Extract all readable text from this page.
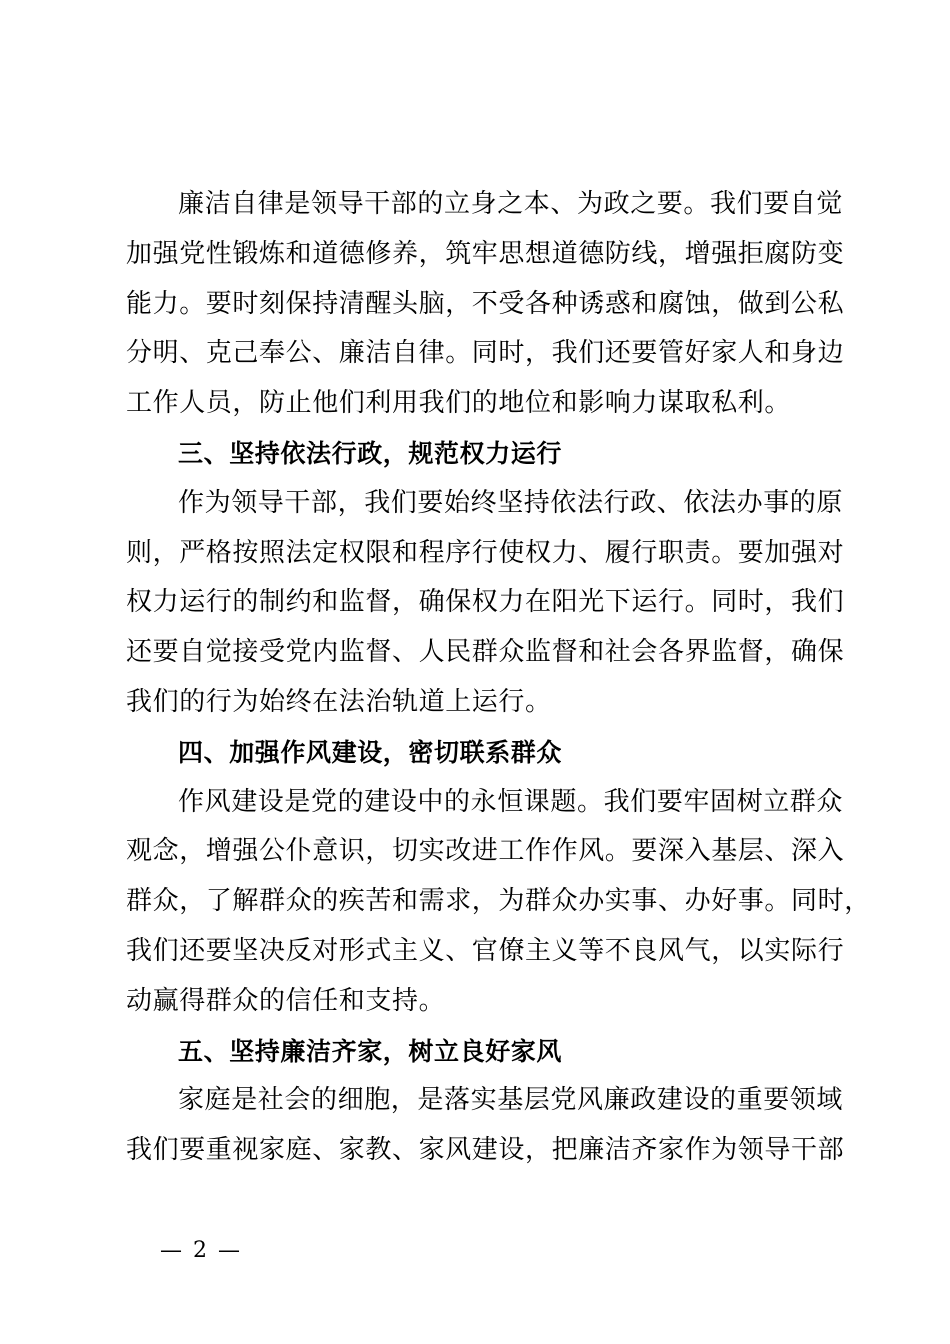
廉洁自律是领导干部的立身之本、为政之要。我们要自觉
加强党性锻炼和道德修养，筑牢思想道德防线，增强拒腐防变
能力。要时刻保持清醒头脑，不受各种诱惑和腐蚀，做到公私
分明、克己奉公、廉洁自律。同时，我们还要管好家人和身边
工作人员，防止他们利用我们的地位和影响力谋取私利。
三、坚持依法行政，规范权力运行
作为领导干部，我们要始终坚持依法行政、依法办事的原
则，严格按照法定权限和程序行使权力、履行职责。要加强对
权力运行的制约和监督，确保权力在阳光下运行。同时，我们
还要自觉接受党内监督、人民群众监督和社会各界监督，确保
我们的行为始终在法治轨道上运行。
四、加强作风建设，密切联系群众
作风建设是党的建设中的永恒课题。我们要牢固树立群众
观念，增强公仆意识，切实改进工作作风。要深入基层、深入
群众，了解群众的疾苦和需求，为群众办实事、办好事。同时，
我们还要坚决反对形式主义、官僚主义等不良风气，以实际行
动赢得群众的信任和支持。
五、坚持廉洁齐家，树立良好家风
家庭是社会的细胞，是落实基层党风廉政建设的重要领域
我们要重视家庭、家教、家风建设，把廉洁齐家作为领导干部
— 2 —
